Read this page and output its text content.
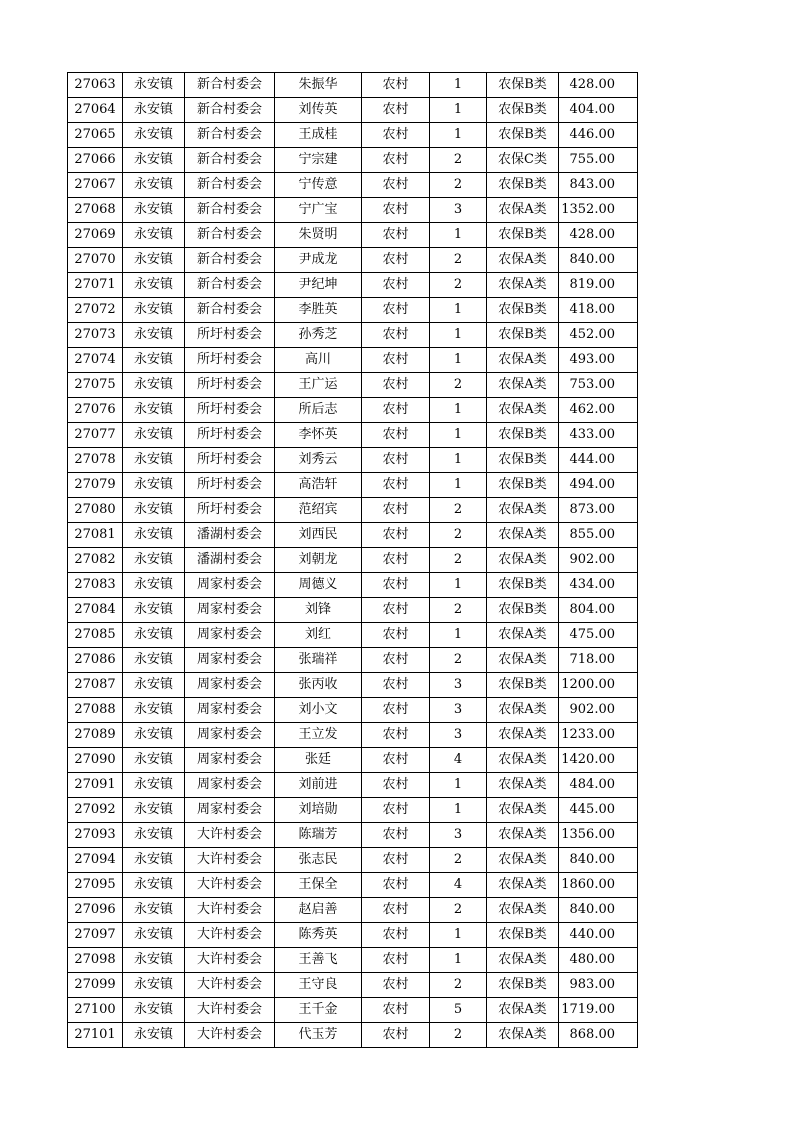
27063	永安镇	新合村委会	朱振华	农村	1	农保B类	428.00
27064	永安镇	新合村委会	刘传英	农村	1	农保B类	404.00
27065	永安镇	新合村委会	王成桂	农村	1	农保B类	446.00
27066	永安镇	新合村委会	宁宗建	农村	2	农保C类	755.00
27067	永安镇	新合村委会	宁传意	农村	2	农保B类	843.00
27068	永安镇	新合村委会	宁广宝	农村	3	农保A类	1352.00
27069	永安镇	新合村委会	朱贤明	农村	1	农保B类	428.00
27070	永安镇	新合村委会	尹成龙	农村	2	农保A类	840.00
27071	永安镇	新合村委会	尹纪坤	农村	2	农保A类	819.00
27072	永安镇	新合村委会	李胜英	农村	1	农保B类	418.00
27073	永安镇	所圩村委会	孙秀芝	农村	1	农保B类	452.00
27074	永安镇	所圩村委会	高川	农村	1	农保A类	493.00
27075	永安镇	所圩村委会	王广运	农村	2	农保A类	753.00
27076	永安镇	所圩村委会	所后志	农村	1	农保A类	462.00
27077	永安镇	所圩村委会	李怀英	农村	1	农保B类	433.00
27078	永安镇	所圩村委会	刘秀云	农村	1	农保B类	444.00
27079	永安镇	所圩村委会	高浩轩	农村	1	农保B类	494.00
27080	永安镇	所圩村委会	范绍宾	农村	2	农保A类	873.00
27081	永安镇	潘湖村委会	刘西民	农村	2	农保A类	855.00
27082	永安镇	潘湖村委会	刘朝龙	农村	2	农保A类	902.00
27083	永安镇	周家村委会	周德义	农村	1	农保B类	434.00
27084	永安镇	周家村委会	刘锋	农村	2	农保B类	804.00
27085	永安镇	周家村委会	刘红	农村	1	农保A类	475.00
27086	永安镇	周家村委会	张瑞祥	农村	2	农保A类	718.00
27087	永安镇	周家村委会	张丙收	农村	3	农保B类	1200.00
27088	永安镇	周家村委会	刘小文	农村	3	农保A类	902.00
27089	永安镇	周家村委会	王立发	农村	3	农保A类	1233.00
27090	永安镇	周家村委会	张廷	农村	4	农保A类	1420.00
27091	永安镇	周家村委会	刘前进	农村	1	农保A类	484.00
27092	永安镇	周家村委会	刘培勋	农村	1	农保A类	445.00
27093	永安镇	大许村委会	陈瑞芳	农村	3	农保A类	1356.00
27094	永安镇	大许村委会	张志民	农村	2	农保A类	840.00
27095	永安镇	大许村委会	王保全	农村	4	农保A类	1860.00
27096	永安镇	大许村委会	赵启善	农村	2	农保A类	840.00
27097	永安镇	大许村委会	陈秀英	农村	1	农保B类	440.00
27098	永安镇	大许村委会	王善飞	农村	1	农保A类	480.00
27099	永安镇	大许村委会	王守良	农村	2	农保B类	983.00
27100	永安镇	大许村委会	王千金	农村	5	农保A类	1719.00
27101	永安镇	大许村委会	代玉芳	农村	2	农保A类	868.00
